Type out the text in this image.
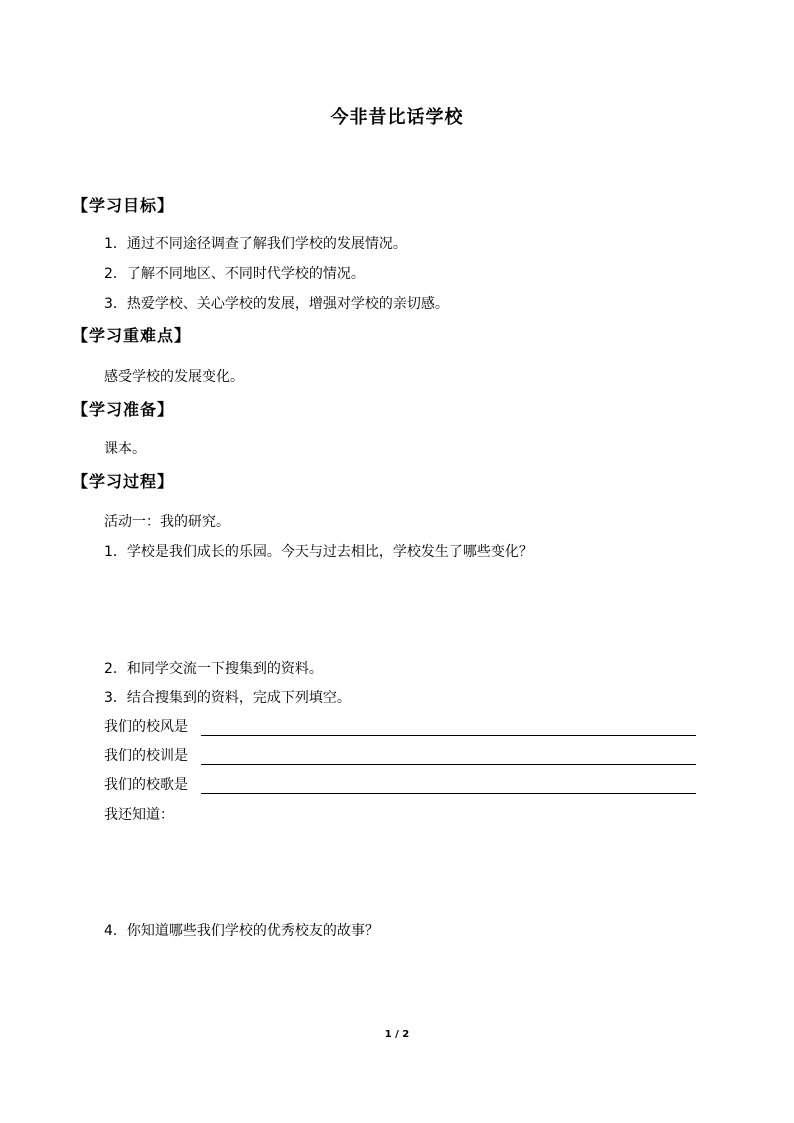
今非昔比话学校
【学习目标】
1．通过不同途径调查了解我们学校的发展情况。
2．了解不同地区、不同时代学校的情况。
3．热爱学校、关心学校的发展，增强对学校的亲切感。
【学习重难点】
感受学校的发展变化。
【学习准备】
课本。
【学习过程】
活动一：我的研究。
1．学校是我们成长的乐园。今天与过去相比，学校发生了哪些变化？
2．和同学交流一下搜集到的资料。
3．结合搜集到的资料，完成下列填空。
我们的校风是
我们的校训是
我们的校歌是
我还知道：
4．你知道哪些我们学校的优秀校友的故事？
1 / 2
